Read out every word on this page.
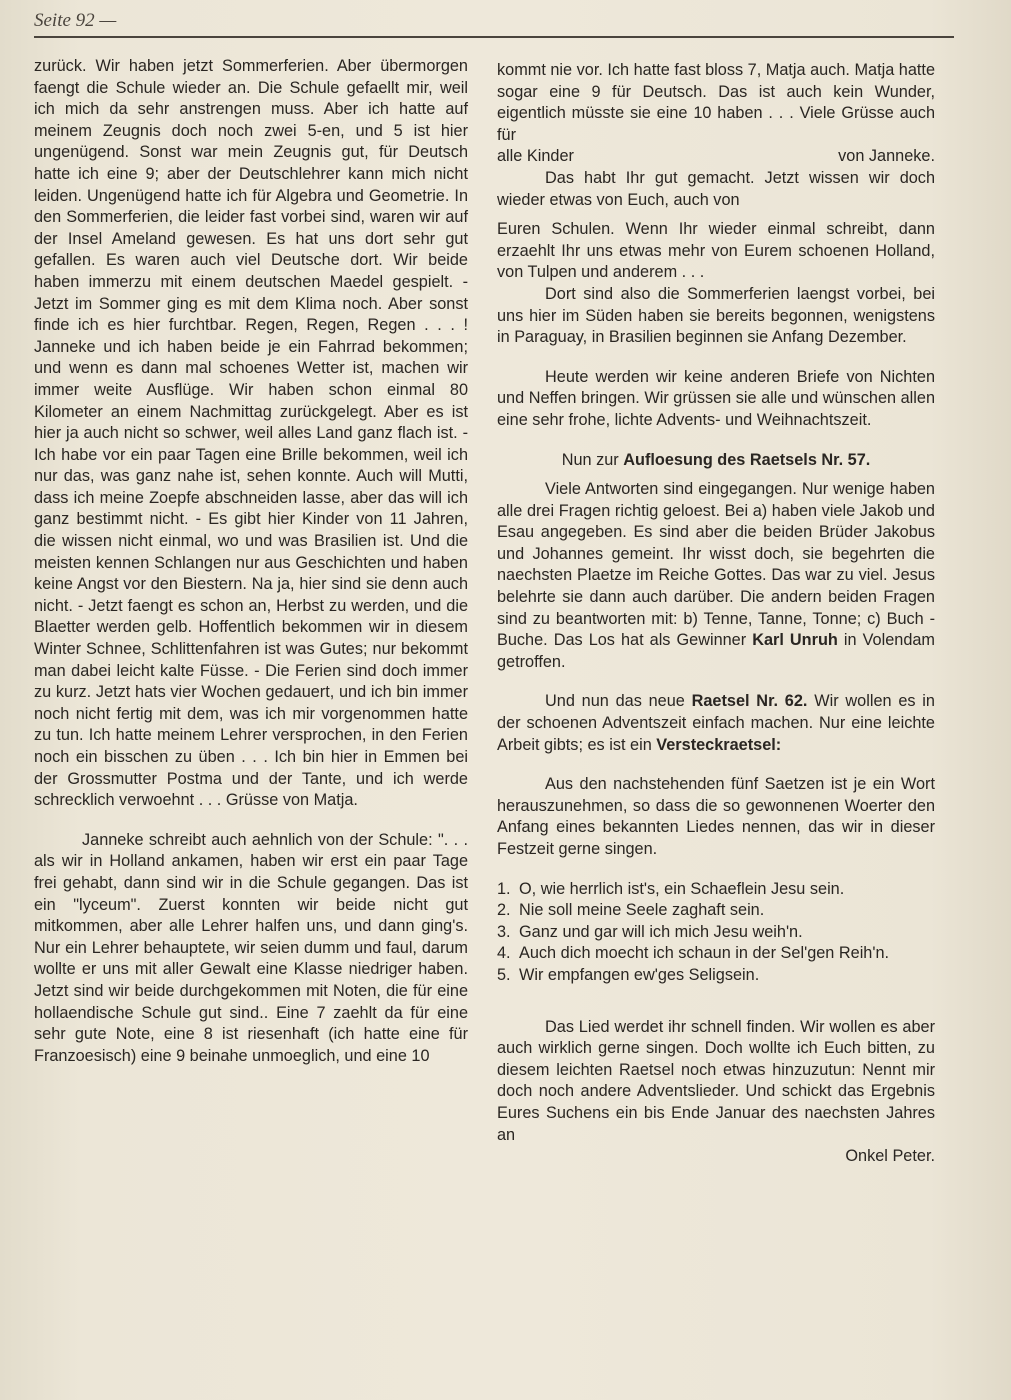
Seite 92 —

zurück. Wir haben jetzt Sommerferien. Aber übermorgen faengt die Schule wieder an. Die Schule gefaellt mir, weil ich mich da sehr anstrengen muss. Aber ich hatte auf meinem Zeugnis doch noch zwei 5-en, und 5 ist hier ungenügend. Sonst war mein Zeugnis gut, für Deutsch hatte ich eine 9; aber der Deutschlehrer kann mich nicht leiden. Ungenügend hatte ich für Algebra und Geometrie. In den Sommerferien, die leider fast vorbei sind, waren wir auf der Insel Ameland gewesen. Es hat uns dort sehr gut gefallen. Es waren auch viel Deutsche dort. Wir beide haben immerzu mit einem deutschen Maedel gespielt. - Jetzt im Sommer ging es mit dem Klima noch. Aber sonst finde ich es hier furchtbar. Regen, Regen, Regen . . . ! Janneke und ich haben beide je ein Fahrrad bekommen; und wenn es dann mal schoenes Wetter ist, machen wir immer weite Ausflüge. Wir haben schon einmal 80 Kilometer an einem Nachmittag zurückgelegt. Aber es ist hier ja auch nicht so schwer, weil alles Land ganz flach ist. - Ich habe vor ein paar Tagen eine Brille bekommen, weil ich nur das, was ganz nahe ist, sehen konnte. Auch will Mutti, dass ich meine Zoepfe abschneiden lasse, aber das will ich ganz bestimmt nicht. - Es gibt hier Kinder von 11 Jahren, die wissen nicht einmal, wo und was Brasilien ist. Und die meisten kennen Schlangen nur aus Geschichten und haben keine Angst vor den Biestern. Na ja, hier sind sie denn auch nicht. - Jetzt faengt es schon an, Herbst zu werden, und die Blaetter werden gelb. Hoffentlich bekommen wir in diesem Winter Schnee, Schlittenfahren ist was Gutes; nur bekommt man dabei leicht kalte Füsse. - Die Ferien sind doch immer zu kurz. Jetzt hats vier Wochen gedauert, und ich bin immer noch nicht fertig mit dem, was ich mir vorgenommen hatte zu tun. Ich hatte meinem Lehrer versprochen, in den Ferien noch ein bisschen zu üben . . . Ich bin hier in Emmen bei der Grossmutter Postma und der Tante, und ich werde schrecklich verwoehnt . . . Grüsse von Matja.

Janneke schreibt auch aehnlich von der Schule: ". . . als wir in Holland ankamen, haben wir erst ein paar Tage frei gehabt, dann sind wir in die Schule gegangen. Das ist ein "lyceum". Zuerst konnten wir beide nicht gut mitkommen, aber alle Lehrer halfen uns, und dann ging's. Nur ein Lehrer behauptete, wir seien dumm und faul, darum wollte er uns mit aller Gewalt eine Klasse niedriger haben. Jetzt sind wir beide durchgekommen mit Noten, die für eine hollaendische Schule gut sind.. Eine 7 zaehlt da für eine sehr gute Note, eine 8 ist riesenhaft (ich hatte eine für Franzoesisch) eine 9 beinahe unmoeglich, und eine 10

kommt nie vor. Ich hatte fast bloss 7, Matja auch. Matja hatte sogar eine 9 für Deutsch. Das ist auch kein Wunder, eigentlich müsste sie eine 10 haben . . . Viele Grüsse auch für

alle Kinder	von Janneke.

Das habt Ihr gut gemacht. Jetzt wissen wir doch wieder etwas von Euch, auch von

Euren Schulen. Wenn Ihr wieder einmal schreibt, dann erzaehlt Ihr uns etwas mehr von Eurem schoenen Holland, von Tulpen und anderem . . .

Dort sind also die Sommerferien laengst vorbei, bei uns hier im Süden haben sie bereits begonnen, wenigstens in Paraguay, in Brasilien beginnen sie Anfang Dezember.

Heute werden wir keine anderen Briefe von Nichten und Neffen bringen. Wir grüssen sie alle und wünschen allen eine sehr frohe, lichte Advents- und Weihnachtszeit.

Nun zur Aufloesung des Raetsels Nr. 57.

Viele Antworten sind eingegangen. Nur wenige haben alle drei Fragen richtig geloest. Bei a) haben viele Jakob und Esau angegeben. Es sind aber die beiden Brüder Jakobus und Johannes gemeint. Ihr wisst doch, sie begehrten die naechsten Plaetze im Reiche Gottes. Das war zu viel. Jesus belehrte sie dann auch darüber. Die andern beiden Fragen sind zu beantworten mit: b) Tenne, Tanne, Tonne; c) Buch - Buche. Das Los hat als Gewinner Karl Unruh in Volendam getroffen.

Und nun das neue Raetsel Nr. 62. Wir wollen es in der schoenen Adventszeit einfach machen. Nur eine leichte Arbeit gibts; es ist ein Versteckraetsel:

Aus den nachstehenden fünf Saetzen ist je ein Wort herauszunehmen, so dass die so gewonnenen Woerter den Anfang eines bekannten Liedes nennen, das wir in dieser Festzeit gerne singen.

1. O, wie herrlich ist's, ein Schaeflein Jesu sein.
2. Nie soll meine Seele zaghaft sein.
3. Ganz und gar will ich mich Jesu weih'n.
4. Auch dich moecht ich schaun in der Sel'gen Reih'n.
5. Wir empfangen ew'ges Seligsein.

Das Lied werdet ihr schnell finden. Wir wollen es aber auch wirklich gerne singen. Doch wollte ich Euch bitten, zu diesem leichten Raetsel noch etwas hinzuzutun: Nennt mir doch noch andere Adventslieder. Und schickt das Ergebnis Eures Suchens ein bis Ende Januar des naechsten Jahres an

Onkel Peter.
